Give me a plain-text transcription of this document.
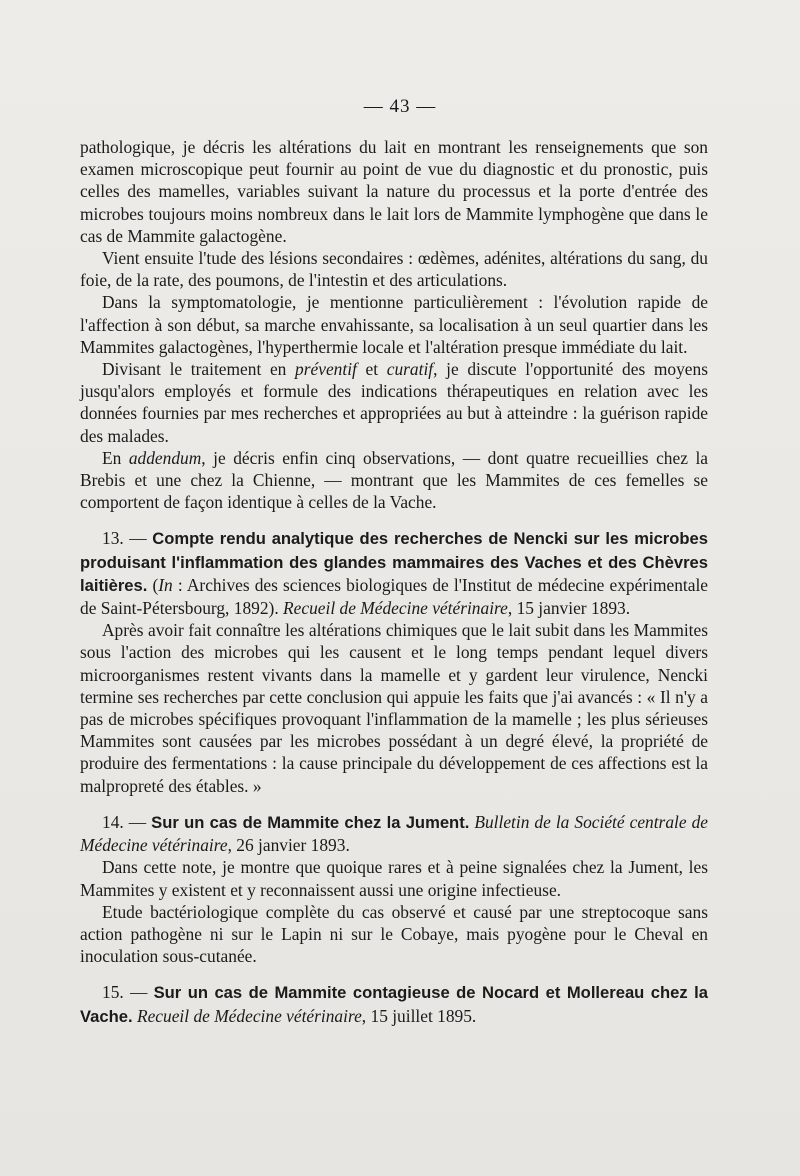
— 43 —

pathologique, je décris les altérations du lait en montrant les renseignements que son examen microscopique peut fournir au point de vue du diagnostic et du pronostic, puis celles des mamelles, variables suivant la nature du processus et la porte d'entrée des microbes toujours moins nombreux dans le lait lors de Mammite lymphogène que dans le cas de Mammite galactogène.

Vient ensuite l'tude des lésions secondaires : œdèmes, adénites, altérations du sang, du foie, de la rate, des poumons, de l'intestin et des articulations.

Dans la symptomatologie, je mentionne particulièrement : l'évolution rapide de l'affection à son début, sa marche envahissante, sa localisation à un seul quartier dans les Mammites galactogènes, l'hyperthermie locale et l'altération presque immédiate du lait.

Divisant le traitement en préventif et curatif, je discute l'opportunité des moyens jusqu'alors employés et formule des indications thérapeutiques en relation avec les données fournies par mes recherches et appropriées au but à atteindre : la guérison rapide des malades.

En addendum, je décris enfin cinq observations, — dont quatre recueillies chez la Brebis et une chez la Chienne, — montrant que les Mammites de ces femelles se comportent de façon identique à celles de la Vache.

13. — Compte rendu analytique des recherches de Nencki sur les microbes produisant l'inflammation des glandes mammaires des Vaches et des Chèvres laitières. (In : Archives des sciences biologiques de l'Institut de médecine expérimentale de Saint-Pétersbourg, 1892). Recueil de Médecine vétérinaire, 15 janvier 1893.

Après avoir fait connaître les altérations chimiques que le lait subit dans les Mammites sous l'action des microbes qui les causent et le long temps pendant lequel divers microorganismes restent vivants dans la mamelle et y gardent leur virulence, Nencki termine ses recherches par cette conclusion qui appuie les faits que j'ai avancés : « Il n'y a pas de microbes spécifiques provoquant l'inflammation de la mamelle ; les plus sérieuses Mammites sont causées par les microbes possédant à un degré élevé, la propriété de produire des fermentations : la cause principale du développement de ces affections est la malpropreté des étables. »

14. — Sur un cas de Mammite chez la Jument. Bulletin de la Société centrale de Médecine vétérinaire, 26 janvier 1893.

Dans cette note, je montre que quoique rares et à peine signalées chez la Jument, les Mammites y existent et y reconnaissent aussi une origine infectieuse.

Etude bactériologique complète du cas observé et causé par une streptocoque sans action pathogène ni sur le Lapin ni sur le Cobaye, mais pyogène pour le Cheval en inoculation sous-cutanée.

15. — Sur un cas de Mammite contagieuse de Nocard et Mollereau chez la Vache. Recueil de Médecine vétérinaire, 15 juillet 1895.
